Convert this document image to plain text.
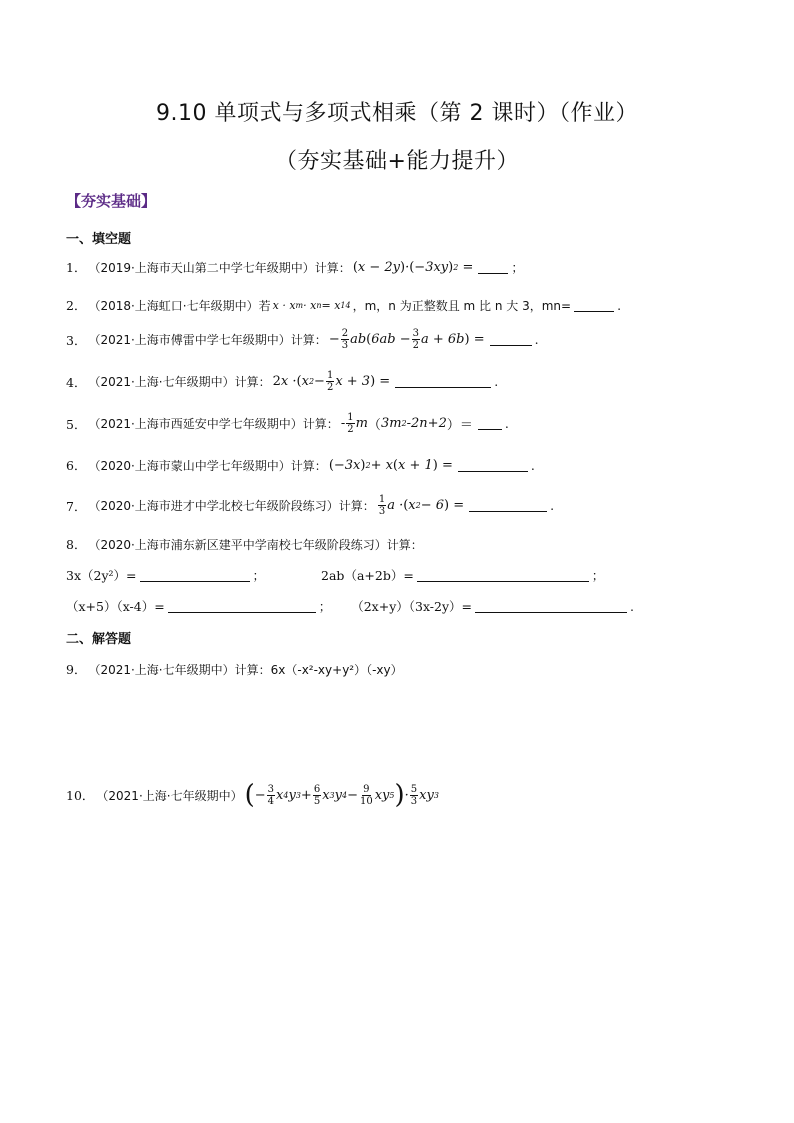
9.10 单项式与多项式相乘（第 2 课时）（作业）
（夯实基础+能力提升）
【夯实基础】
一、填空题
1． （2019·上海市天山第二中学七年级期中）计算： ( x − 2y ) · ( −3xy ) 2 =	；
2． （2018·上海虹口·七年级期中）若 x · x m · x n = x 14 ，m，n 为正整数且 m 比 n 大 3，mn=	.
3． （2021·上海市傅雷中学七年级期中）计算： − $\frac{2}{3}$ ab ( $6ab - \frac{3}{2}$ a + 6b )
=	.
4． （2021·上海·七年级期中）计算： 2 x · ( x $2 - \frac{1}{2}$ x + 3 )
=	.
5． （2021·上海市西延安中学七年级期中）计算： - $\frac{1}{2}$ m （ 3m 2 -2n+2 ）＝	.
6． （2020·上海市蒙山中学七年级期中）计算： ( −3x ) 2 + x ( x + 1 )
=	.
7． （2020·上海市进才中学北校七年级阶段练习）计算： $\frac{1}{3}$ a · ( x 2 − 6 )
=	.
8． （2020·上海市浦东新区建平中学南校七年级阶段练习）计算：
3x（2y²）=	；	2ab（a+2b）=	；
（x+5）（x-4）=	； （2x+y）（3x-2y）=	.
二、解答题
9． （2021·上海·七年级期中）计算：6x（-x²-xy+y²）（-xy）
10． （2021·上海·七年级期中） ( − $\frac{3}{4}$ x 4 y $3 + \frac{6}{5}$ x 3 y $4 - \frac{9}{10}$ xy 5 ) · $\frac{5}{3}$ xy 3
